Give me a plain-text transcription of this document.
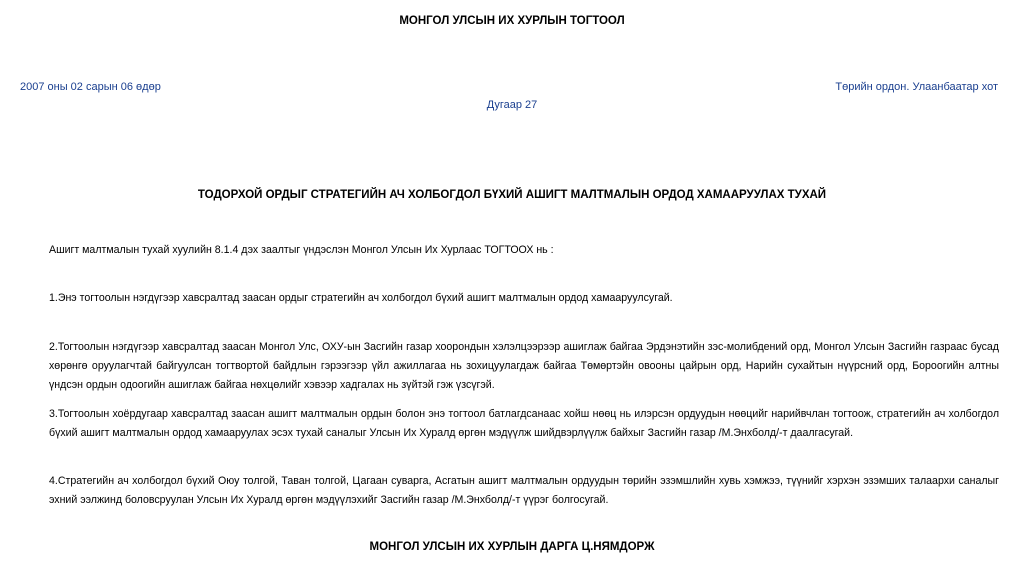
МОНГОЛ УЛСЫН ИХ ХУРЛЫН ТОГТООЛ
2007 оны 02 сарын 06 өдөр	Төрийн ордон. Улаанбаатар хот
Дугаар 27
ТОДОРХОЙ ОРДЫГ СТРАТЕГИЙН АЧ ХОЛБОГДОЛ БҮХИЙ АШИГТ МАЛТМАЛЫН ОРДОД ХАМААРУУЛАХ ТУХАЙ
Ашигт малтмалын тухай хуулийн 8.1.4 дэх заалтыг үндэслэн Монгол Улсын Их Хурлаас ТОГТООХ нь :
1.Энэ тогтоолын нэгдүгээр хавсралтад заасан ордыг стратегийн ач холбогдол бүхий ашигт малтмалын ордод хамааруулсугай.
2.Тогтоолын нэгдүгээр хавсралтад заасан Монгол Улс, ОХУ-ын Засгийн газар хоорондын хэлэлцээрээр ашиглаж байгаа Эрдэнэтийн зэс-молибдений орд, Монгол Улсын Засгийн газраас бусад хөрөнгө оруулагчтай байгуулсан тогтвортой байдлын гэрээгээр үйл ажиллагаа нь зохицуулагдаж байгаа Төмөртэйн овооны цайрын орд, Нарийн сухайтын нүүрсний орд, Бороогийн алтны үндсэн ордын одоогийн ашиглаж байгаа нөхцөлийг хэвээр хадгалах нь зүйтэй гэж үзсүгэй.
3.Тогтоолын хоёрдугаар хавсралтад заасан ашигт малтмалын ордын болон энэ тогтоол батлагдсанаас хойш нөөц нь илэрсэн ордуудын нөөцийг нарийвчлан тогтоож, стратегийн ач холбогдол бүхий ашигт малтмалын ордод хамааруулах эсэх тухай саналыг Улсын Их Хуралд өргөн мэдүүлж шийдвэрлүүлж байхыг Засгийн газар /М.Энхболд/-т даалгасугай.
4.Стратегийн ач холбогдол бүхий Оюу толгой, Таван толгой, Цагаан суварга, Асгатын ашигт малтмалын ордуудын төрийн эзэмшлийн хувь хэмжээ, түүнийг хэрхэн эзэмших талаархи саналыг эхний ээлжинд боловсруулан Улсын Их Хуралд өргөн мэдүүлэхийг Засгийн газар /М.Энхболд/-т үүрэг болгосугай.
МОНГОЛ УЛСЫН ИХ ХУРЛЫН ДАРГА Ц.НЯМДОРЖ
